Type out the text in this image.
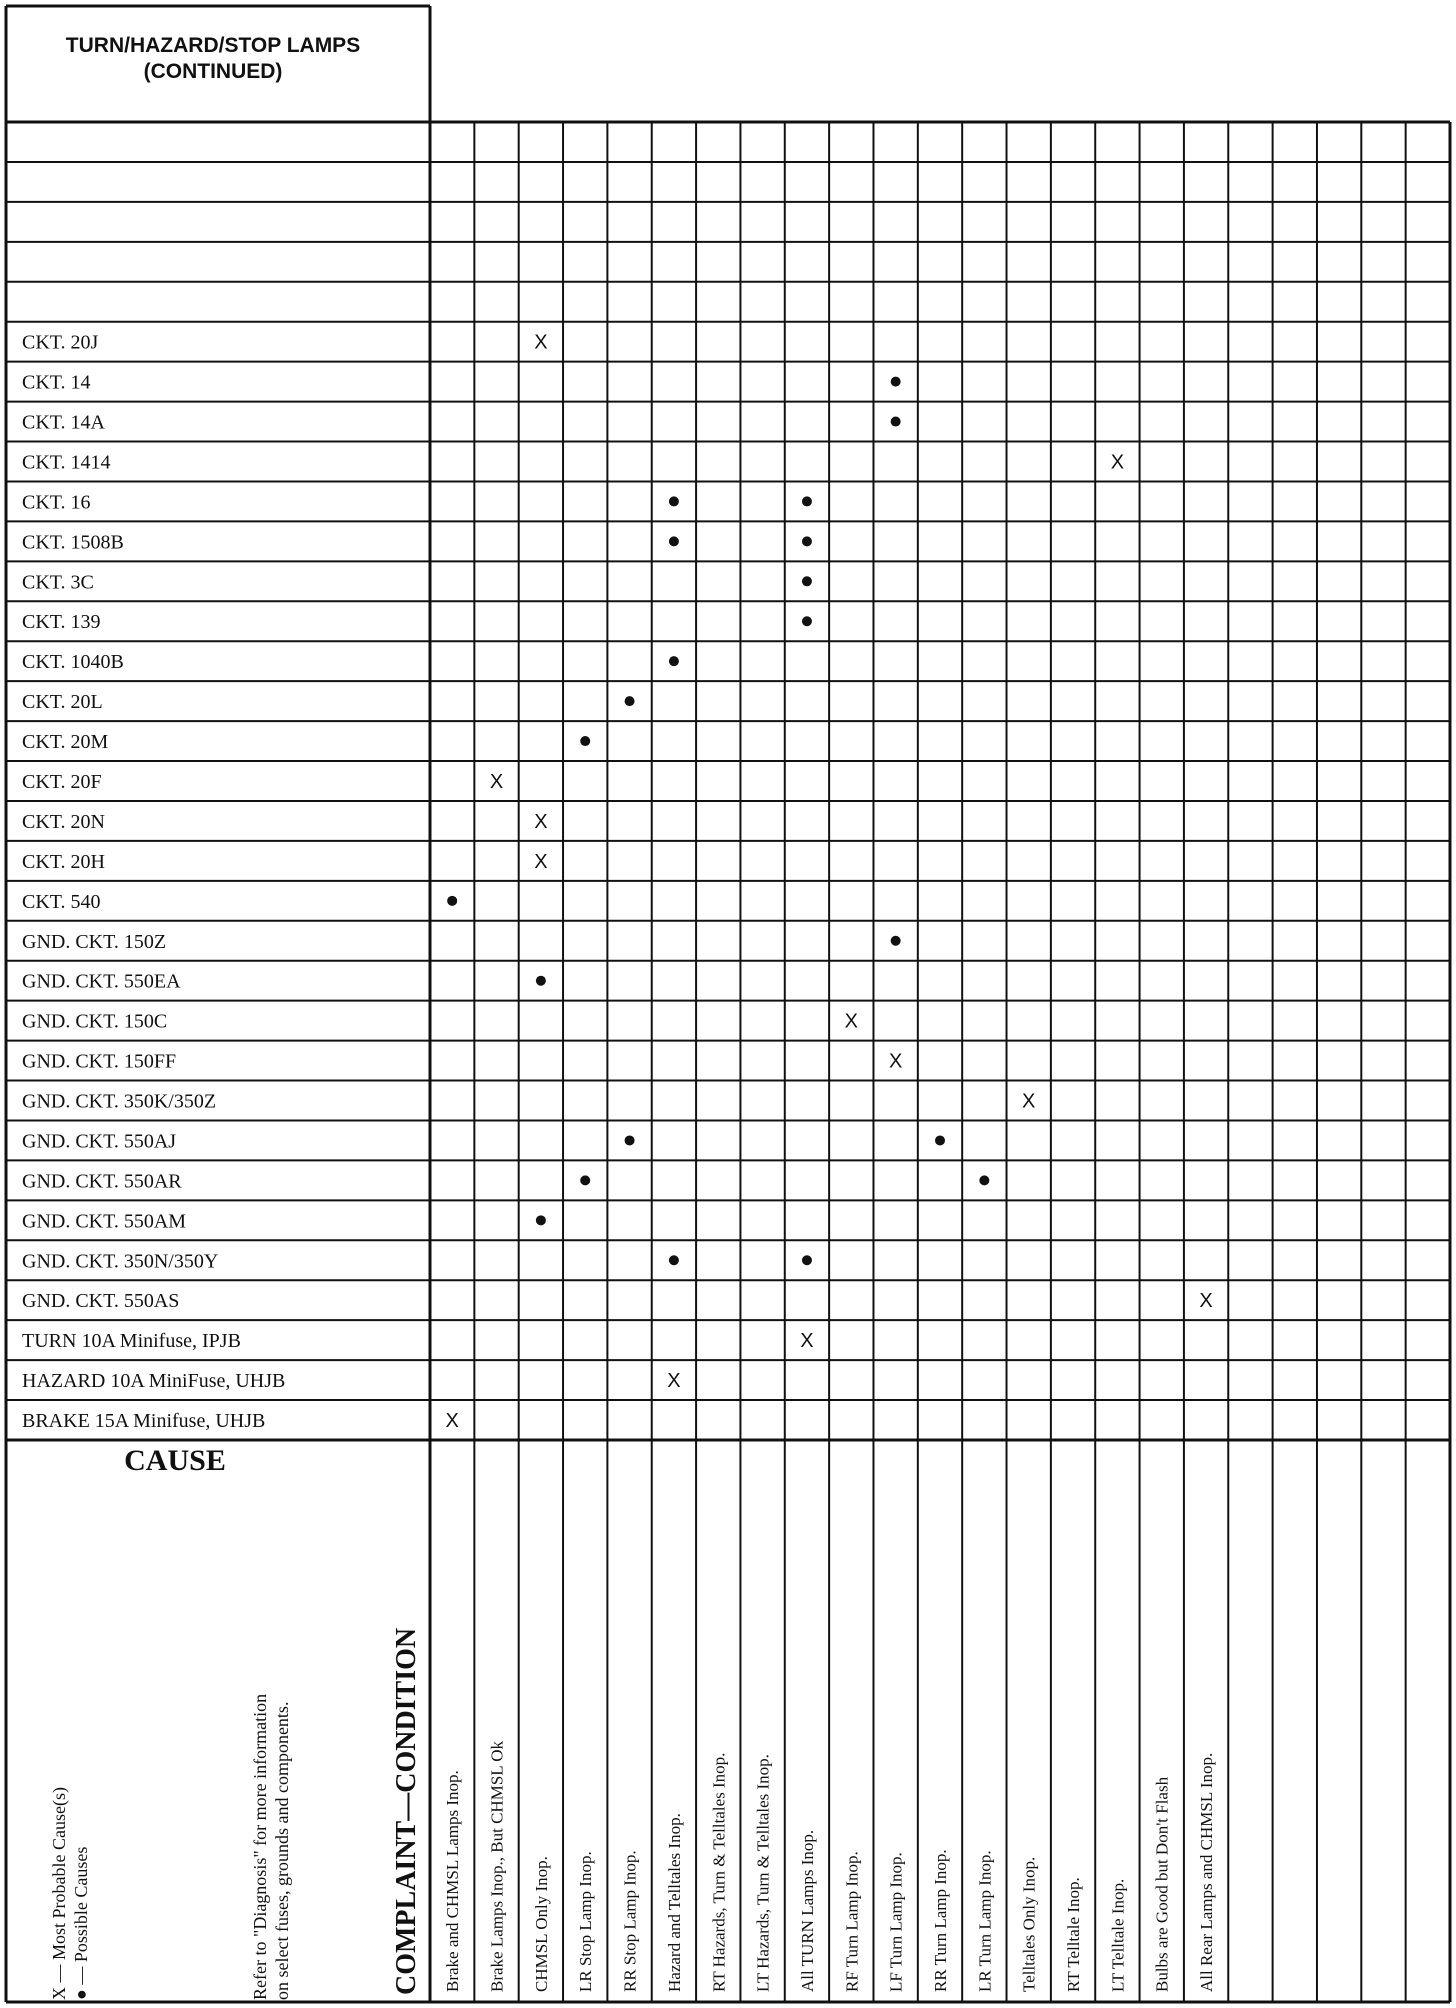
TURN/HAZARD/STOP LAMPS
(CONTINUED)
CKT. 20J
CKT. 14
CKT. 14A
CKT. 1414
CKT. 16
CKT. 1508B
CKT. 3C
CKT. 139
CKT. 1040B
CKT. 20L
CKT. 20M
CKT. 20F
CKT. 20N
CKT. 20H
CKT. 540
GND. CKT. 150Z
GND. CKT. 550EA
GND. CKT. 150C
GND. CKT. 150FF
GND. CKT. 350K/350Z
GND. CKT. 550AJ
GND. CKT. 550AR
GND. CKT. 550AM
GND. CKT. 350N/350Y
GND. CKT. 550AS
TURN 10A Minifuse, IPJB
HAZARD 10A MiniFuse, UHJB
BRAKE 15A Minifuse, UHJB
X
X
X
X
X
X
X
X
X
X
X
X
Brake and CHMSL Lamps Inop. Brake Lamps Inop., But CHMSL Ok CHMSL Only Inop. LR Stop Lamp Inop. RR Stop Lamp Inop. Hazard and Telltales Inop. RT Hazards, Turn & Telltales Inop. LT Hazards, Turn & Telltales Inop. All TURN Lamps Inop. RF Turn Lamp Inop. LF Turn Lamp Inop. RR Turn Lamp Inop. LR Turn Lamp Inop. Telltales Only Inop. RT Telltale Inop. LT Telltale Inop. Bulbs are Good but Don't Flash All Rear Lamps and CHMSL Inop.
CAUSE
X — Most Probable Cause(s) ● — Possible Causes	Refer to "Diagnosis" for more information on select fuses, grounds and components.	COMPLAINT—CONDITION
